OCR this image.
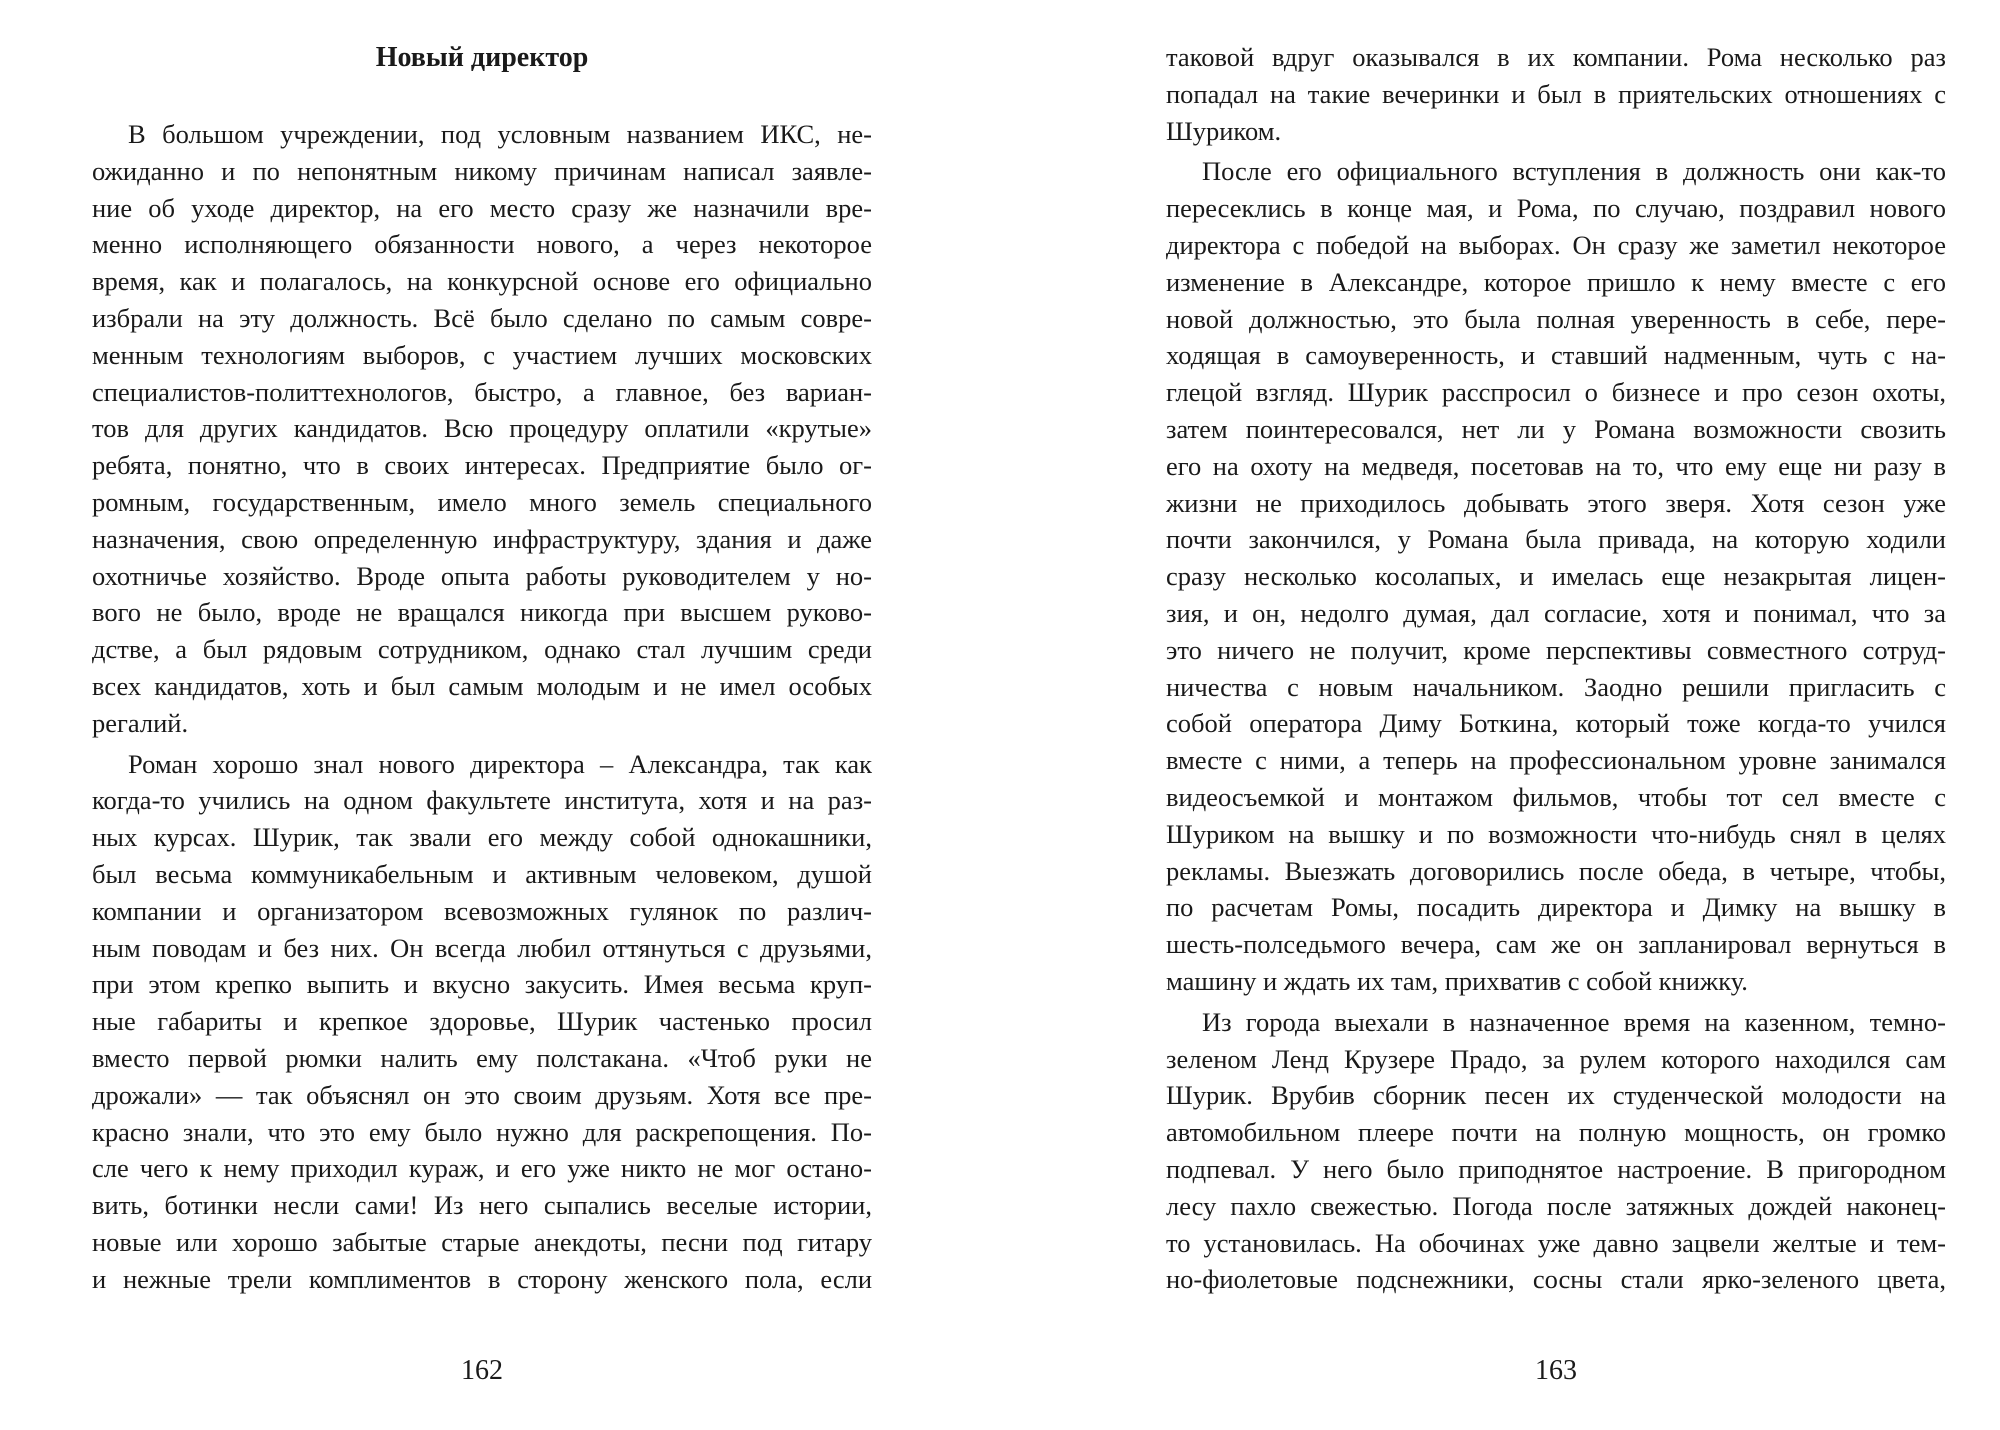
Новый директор
В большом учреждении, под условным названием ИКС, не-
ожиданно и по непонятным никому причинам написал заявле-
ние об уходе директор, на его место сразу же назначили вре-
менно исполняющего обязанности нового, а через некоторое
время, как и полагалось, на конкурсной основе его официально
избрали на эту должность. Всё было сделано по самым совре-
менным технологиям выборов, с участием лучших московских
специалистов-политтехнологов, быстро, а главное, без вариан-
тов для других кандидатов. Всю процедуру оплатили «крутые»
ребята, понятно, что в своих интересах. Предприятие было ог-
ромным, государственным, имело много земель специального
назначения, свою определенную инфраструктуру, здания и даже
охотничье хозяйство. Вроде опыта работы руководителем у но-
вого не было, вроде не вращался никогда при высшем руково-
дстве, а был рядовым сотрудником, однако стал лучшим среди
всех кандидатов, хоть и был самым молодым и не имел особых
регалий.
Роман хорошо знал нового директора – Александра, так как
когда-то учились на одном факультете института, хотя и на раз-
ных курсах. Шурик, так звали его между собой однокашники,
был весьма коммуникабельным и активным человеком, душой
компании и организатором всевозможных гулянок по различ-
ным поводам и без них. Он всегда любил оттянуться с друзьями,
при этом крепко выпить и вкусно закусить. Имея весьма круп-
ные габариты и крепкое здоровье, Шурик частенько просил
вместо первой рюмки налить ему полстакана. «Чтоб руки не
дрожали» — так объяснял он это своим друзьям. Хотя все пре-
красно знали, что это ему было нужно для раскрепощения. По-
сле чего к нему приходил кураж, и его уже никто не мог остано-
вить, ботинки несли сами! Из него сыпались веселые истории,
новые или хорошо забытые старые анекдоты, песни под гитару
и нежные трели комплиментов в сторону женского пола, если
162
таковой вдруг оказывался в их компании. Рома несколько раз
попадал на такие вечеринки и был в приятельских отношениях с
Шуриком.
После его официального вступления в должность они как-то
пересеклись в конце мая, и Рома, по случаю, поздравил нового
директора с победой на выборах. Он сразу же заметил некоторое
изменение в Александре, которое пришло к нему вместе с его
новой должностью, это была полная уверенность в себе, пере-
ходящая в самоуверенность, и ставший надменным, чуть с на-
глецой взгляд. Шурик расспросил о бизнесе и про сезон охоты,
затем поинтересовался, нет ли у Романа возможности свозить
его на охоту на медведя, посетовав на то, что ему еще ни разу в
жизни не приходилось добывать этого зверя. Хотя сезон уже
почти закончился, у Романа была привада, на которую ходили
сразу несколько косолапых, и имелась еще незакрытая лицен-
зия, и он, недолго думая, дал согласие, хотя и понимал, что за
это ничего не получит, кроме перспективы совместного сотруд-
ничества с новым начальником. Заодно решили пригласить с
собой оператора Диму Боткина, который тоже когда-то учился
вместе с ними, а теперь на профессиональном уровне занимался
видеосъемкой и монтажом фильмов, чтобы тот сел вместе с
Шуриком на вышку и по возможности что-нибудь снял в целях
рекламы. Выезжать договорились после обеда, в четыре, чтобы,
по расчетам Ромы, посадить директора и Димку на вышку в
шесть-полседьмого вечера, сам же он запланировал вернуться в
машину и ждать их там, прихватив с собой книжку.
Из города выехали в назначенное время на казенном, темно-
зеленом Ленд Крузере Прадо, за рулем которого находился сам
Шурик. Врубив сборник песен их студенческой молодости на
автомобильном плеере почти на полную мощность, он громко
подпевал. У него было приподнятое настроение. В пригородном
лесу пахло свежестью. Погода после затяжных дождей наконец-
то установилась. На обочинах уже давно зацвели желтые и тем-
но-фиолетовые подснежники, сосны стали ярко-зеленого цвета,
163
